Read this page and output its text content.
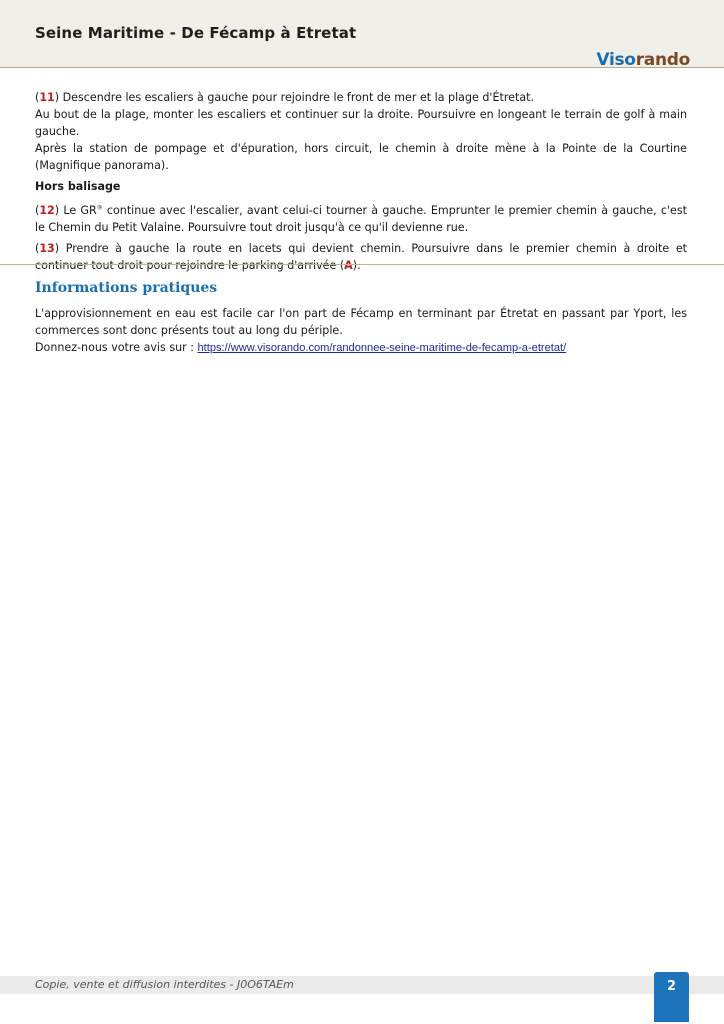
Seine Maritime - De Fécamp à Etretat
Visorando

(11) Descendre les escaliers à gauche pour rejoindre le front de mer et la plage d'Étretat.
Au bout de la plage, monter les escaliers et continuer sur la droite. Poursuivre en longeant le terrain de golf à main gauche.
Après la station de pompage et d'épuration, hors circuit, le chemin à droite mène à la Pointe de la Courtine (Magnifique panorama).

Hors balisage

(12) Le GR® continue avec l'escalier, avant celui-ci tourner à gauche. Emprunter le premier chemin à gauche, c'est le Chemin du Petit Valaine. Poursuivre tout droit jusqu'à ce qu'il devienne rue.

(13) Prendre à gauche la route en lacets qui devient chemin. Poursuivre dans le premier chemin à droite et continuer tout droit pour rejoindre le parking d'arrivée (A).

Informations pratiques

L'approvisionnement en eau est facile car l'on part de Fécamp en terminant par Étretat en passant par Yport, les commerces sont donc présents tout au long du périple.

Donnez-nous votre avis sur : https://www.visorando.com/randonnee-seine-maritime-de-fecamp-a-etretat/

Copie, vente et diffusion interdites - J0O6TAEm	2
